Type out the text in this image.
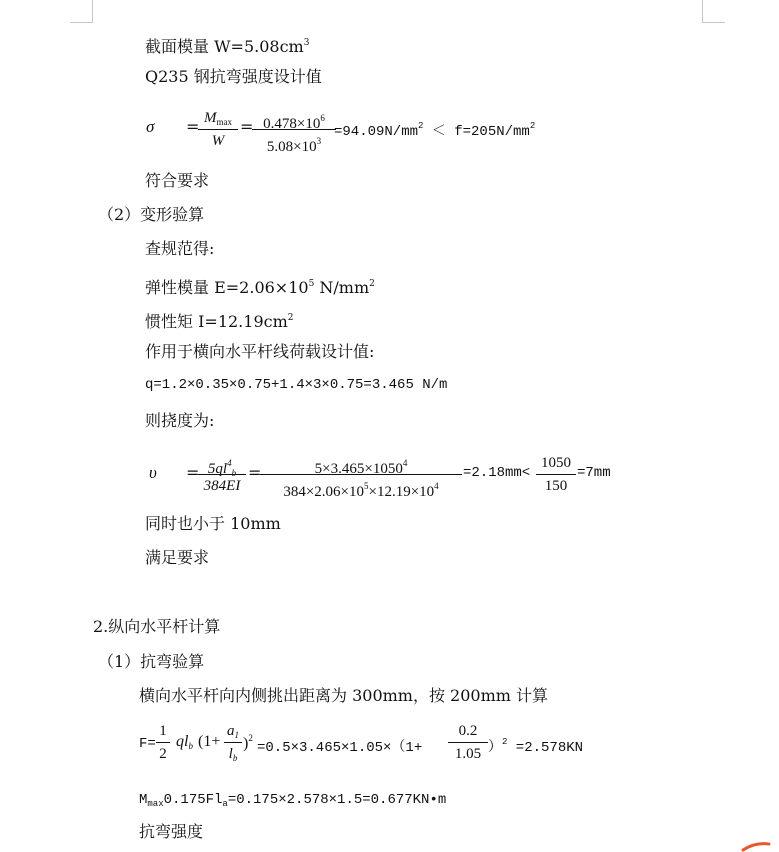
截面模量 $W=5.08cm^3$
Q235 钢抗弯强度设计值
$\sigma = M_{max}$
W
= $0.478\times 10^6$
$5.08\times 10^3$
$=94.09N/mm^2 < f=205N/mm^2$
符合要求
（2）变形验算
查规范得:
弹性模量 $E=2.06\times 10^5$ $N/mm^2$
惯性矩 $I=12.19cm^2$
作用于横向水平杆线荷载设计值:
q=1.2×0.35×0.75+1.4×3×0.75=3.465 N/m
则挠度为:
$\upsilon = 5ql^4_b$
384EI
=	$5\times 3.465\times 1050^4$
$384\times 2.06\times 10^5\times 12.19\times 10^4$
=2.18mm<
1050
150
=7mm
同时也小于 10mm
满足要求
2.纵向水平杆计算
（1）抗弯验算
横向水平杆向内侧挑出距离为 300mm，按 200mm 计算
F=
1
2
$ql_b$ (1+
$a_1$
$l_b$
)$^2$
=0.5×3.465×1.05×（1+
0.2
1.05 ）$^2$ =2.578KN
$M_{max}0.175Fl_a=0.175\times 2.578\times 1.5=0.677KN•m$
抗弯强度
